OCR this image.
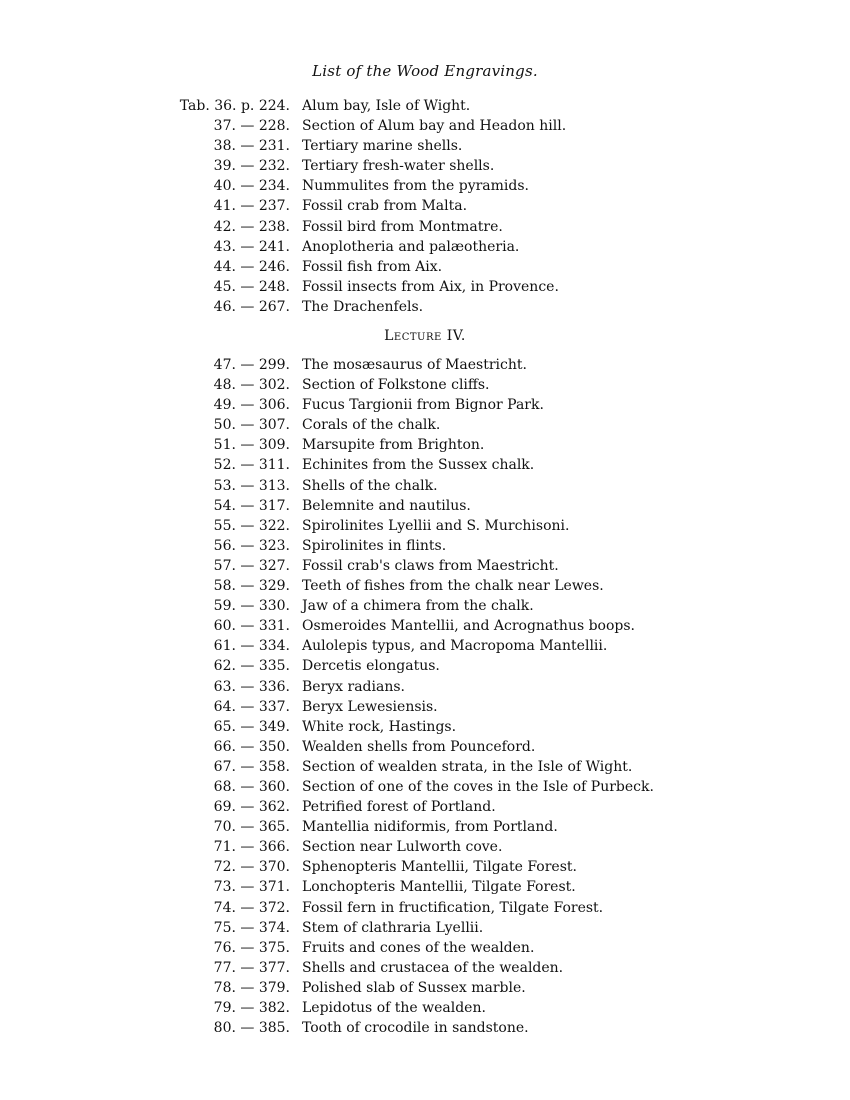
List of the Wood Engravings.
Tab. 36. p. 224. Alum bay, Isle of Wight.
37. — 228. Section of Alum bay and Headon hill.
38. — 231. Tertiary marine shells.
39. — 232. Tertiary fresh-water shells.
40. — 234. Nummulites from the pyramids.
41. — 237. Fossil crab from Malta.
42. — 238. Fossil bird from Montmatre.
43. — 241. Anoplotheria and palæotheria.
44. — 246. Fossil fish from Aix.
45. — 248. Fossil insects from Aix, in Provence.
46. — 267. The Drachenfels.
Lecture IV.
47. — 299. The mosæsaurus of Maestricht.
48. — 302. Section of Folkstone cliffs.
49. — 306. Fucus Targionii from Bignor Park.
50. — 307. Corals of the chalk.
51. — 309. Marsupite from Brighton.
52. — 311. Echinites from the Sussex chalk.
53. — 313. Shells of the chalk.
54. — 317. Belemnite and nautilus.
55. — 322. Spirolinites Lyellii and S. Murchisoni.
56. — 323. Spirolinites in flints.
57. — 327. Fossil crab's claws from Maestricht.
58. — 329. Teeth of fishes from the chalk near Lewes.
59. — 330. Jaw of a chimera from the chalk.
60. — 331. Osmeroides Mantellii, and Acrognathus boops.
61. — 334. Aulolepis typus, and Macropoma Mantellii.
62. — 335. Dercetis elongatus.
63. — 336. Beryx radians.
64. — 337. Beryx Lewesiensis.
65. — 349. White rock, Hastings.
66. — 350. Wealden shells from Pounceford.
67. — 358. Section of wealden strata, in the Isle of Wight.
68. — 360. Section of one of the coves in the Isle of Purbeck.
69. — 362. Petrified forest of Portland.
70. — 365. Mantellia nidiformis, from Portland.
71. — 366. Section near Lulworth cove.
72. — 370. Sphenopteris Mantellii, Tilgate Forest.
73. — 371. Lonchopteris Mantellii, Tilgate Forest.
74. — 372. Fossil fern in fructification, Tilgate Forest.
75. — 374. Stem of clathraria Lyellii.
76. — 375. Fruits and cones of the wealden.
77. — 377. Shells and crustacea of the wealden.
78. — 379. Polished slab of Sussex marble.
79. — 382. Lepidotus of the wealden.
80. — 385. Tooth of crocodile in sandstone.
